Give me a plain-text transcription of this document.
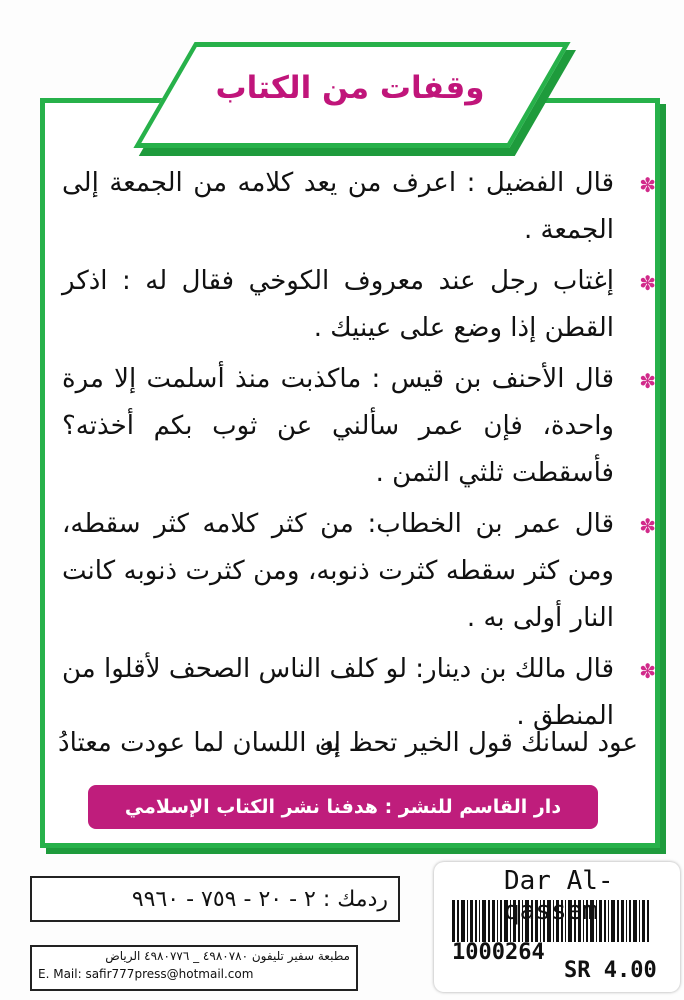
وقفات من الكتاب
✽
قال الفضيل : اعرف من يعد كلامه من الجمعة إلى الجمعة .
✽
إغتاب رجل عند معروف الكوخي فقال له : اذكر القطن إذا وضع على عينيك .
✽
قال الأحنف بن قيس : ماكذبت منذ أسلمت إلا مرة واحدة، فإن عمر سألني عن ثوب بكم أخذته؟ فأسقطت ثلثي الثمن .
✽
قال عمر بن الخطاب: من كثر كلامه كثر سقطه، ومن كثر سقطه كثرت ذنوبه، ومن كثرت ذنوبه كانت النار أولى به .
✽
قال مالك بن دينار: لو كلف الناس الصحف لأقلوا من المنطق .
عود لسانك قول الخير تحظ به
إن اللسان لما عودت معتادُ
دار القاسم للنشر : هدفنا نشر الكتاب الإسلامي
ردمك : ٢ - ٢٠ - ٧٥٩ - ٩٩٦٠
مطبعة سفير تليفون ٤٩٨٠٧٨٠ _ ٤٩٨٠٧٧٦ الرياض
E. Mail: safir777press@hotmail.com
Dar Al-q ssem
1000264
SR 4.00
